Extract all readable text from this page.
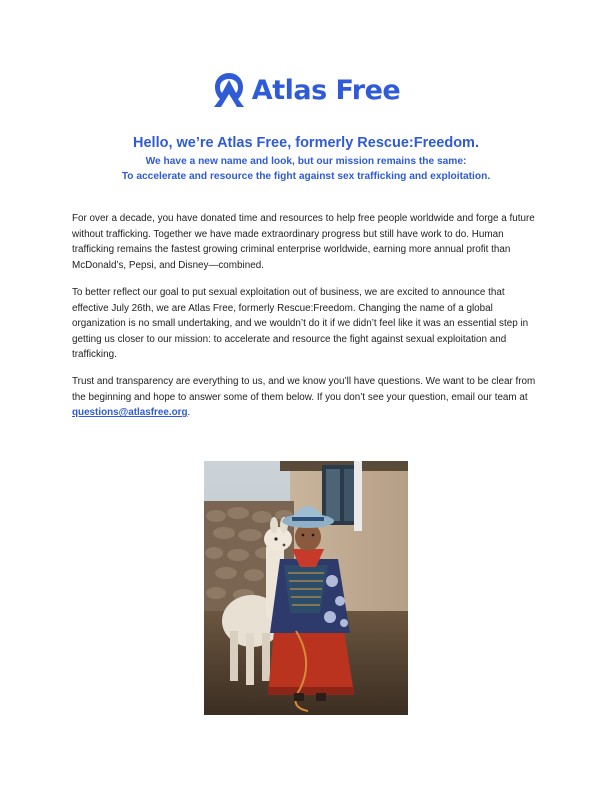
Atlas Free
Hello, we’re Atlas Free, formerly Rescue:Freedom.

We have a new name and look, but our mission remains the same:

To accelerate and resource the fight against sex trafficking and exploitation.

For over a decade, you have donated time and resources to help free people worldwide and forge a future without trafficking. Together we have made extraordinary progress but still have work to do. Human trafficking remains the fastest growing criminal enterprise worldwide, earning more annual profit than McDonald’s, Pepsi, and Disney—combined.

To better reflect our goal to put sexual exploitation out of business, we are excited to announce that effective July 26th, we are Atlas Free, formerly Rescue:Freedom. Changing the name of a global organization is no small undertaking, and we wouldn’t do it if we didn’t feel like it was an essential step in getting us closer to our mission: to accelerate and resource the fight against sexual exploitation and trafficking.

Trust and transparency are everything to us, and we know you’ll have questions. We want to be clear from the beginning and hope to answer some of them below. If you don’t see your question, email our team at questions@atlasfree.org.
